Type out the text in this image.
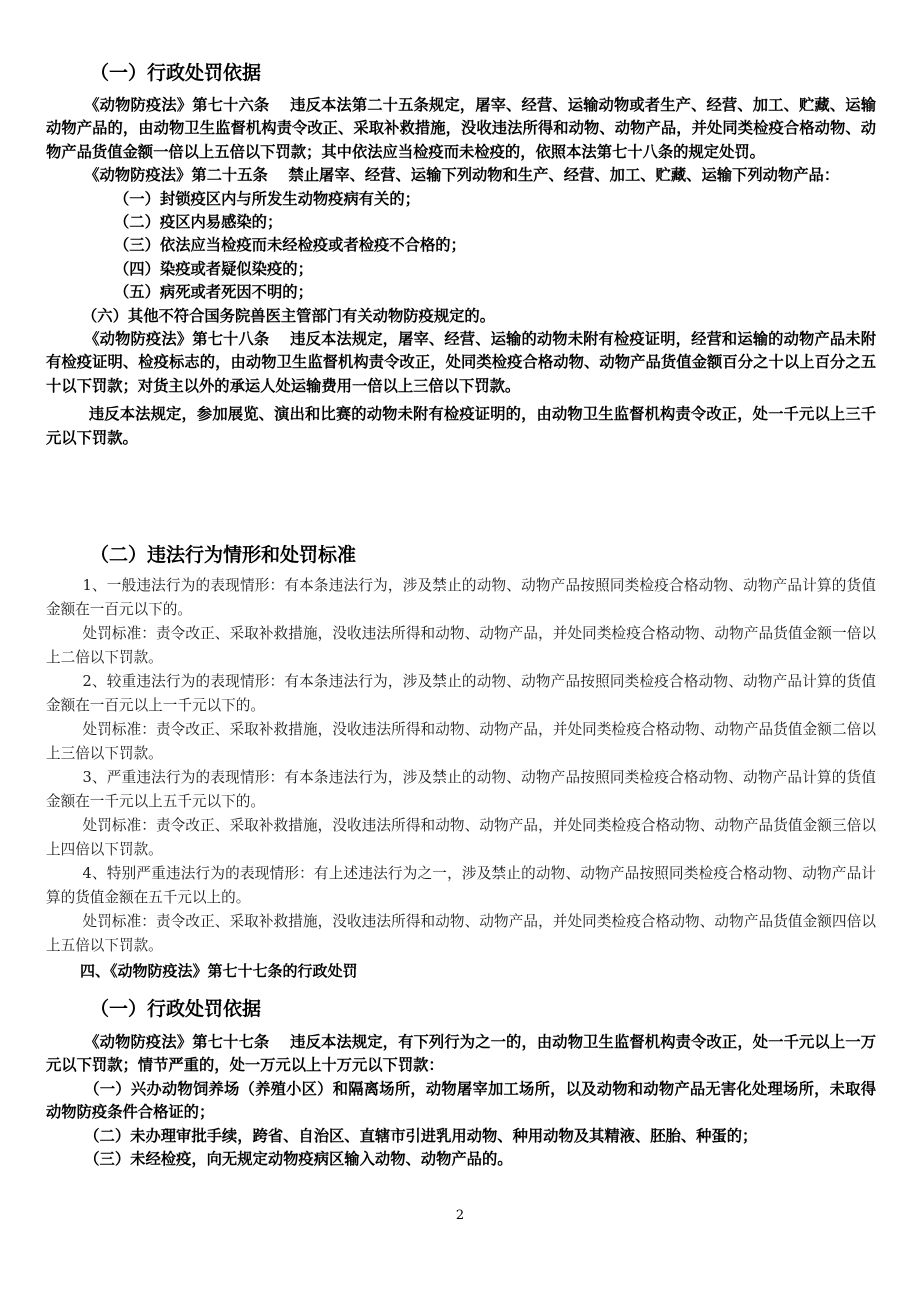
（一）行政处罚依据

《动物防疫法》第七十六条　 违反本法第二十五条规定，屠宰、经营、运输动物或者生产、经营、加工、贮藏、运输动物产品的，由动物卫生监督机构责令改正、采取补救措施，没收违法所得和动物、动物产品，并处同类检疫合格动物、动物产品货值金额一倍以上五倍以下罚款；其中依法应当检疫而未检疫的，依照本法第七十八条的规定处罚。

《动物防疫法》第二十五条　 禁止屠宰、经营、运输下列动物和生产、经营、加工、贮藏、运输下列动物产品：

（一）封锁疫区内与所发生动物疫病有关的；

（二）疫区内易感染的；

（三）依法应当检疫而未经检疫或者检疫不合格的；

（四）染疫或者疑似染疫的；

（五）病死或者死因不明的；

（六）其他不符合国务院兽医主管部门有关动物防疫规定的。

《动物防疫法》第七十八条　 违反本法规定，屠宰、经营、运输的动物未附有检疫证明，经营和运输的动物产品未附有检疫证明、检疫标志的，由动物卫生监督机构责令改正，处同类检疫合格动物、动物产品货值金额百分之十以上百分之五十以下罚款；对货主以外的承运人处运输费用一倍以上三倍以下罚款。

违反本法规定，参加展览、演出和比赛的动物未附有检疫证明的，由动物卫生监督机构责令改正，处一千元以上三千元以下罚款。

（二）违法行为情形和处罚标准

1、一般违法行为的表现情形：有本条违法行为，涉及禁止的动物、动物产品按照同类检疫合格动物、动物产品计算的货值金额在一百元以下的。

处罚标准：责令改正、采取补救措施，没收违法所得和动物、动物产品，并处同类检疫合格动物、动物产品货值金额一倍以上二倍以下罚款。

2、较重违法行为的表现情形：有本条违法行为，涉及禁止的动物、动物产品按照同类检疫合格动物、动物产品计算的货值金额在一百元以上一千元以下的。

处罚标准：责令改正、采取补救措施，没收违法所得和动物、动物产品，并处同类检疫合格动物、动物产品货值金额二倍以上三倍以下罚款。

3、严重违法行为的表现情形：有本条违法行为，涉及禁止的动物、动物产品按照同类检疫合格动物、动物产品计算的货值金额在一千元以上五千元以下的。

处罚标准：责令改正、采取补救措施，没收违法所得和动物、动物产品，并处同类检疫合格动物、动物产品货值金额三倍以上四倍以下罚款。

4、特别严重违法行为的表现情形：有上述违法行为之一，涉及禁止的动物、动物产品按照同类检疫合格动物、动物产品计算的货值金额在五千元以上的。

处罚标准：责令改正、采取补救措施，没收违法所得和动物、动物产品，并处同类检疫合格动物、动物产品货值金额四倍以上五倍以下罚款。

四、《动物防疫法》第七十七条的行政处罚
（一）行政处罚依据

《动物防疫法》第七十七条　 违反本法规定，有下列行为之一的，由动物卫生监督机构责令改正，处一千元以上一万元以下罚款；情节严重的，处一万元以上十万元以下罚款：

（一）兴办动物饲养场（养殖小区）和隔离场所，动物屠宰加工场所，以及动物和动物产品无害化处理场所，未取得动物防疫条件合格证的；

（二）未办理审批手续，跨省、自治区、直辖市引进乳用动物、种用动物及其精液、胚胎、种蛋的；

（三）未经检疫，向无规定动物疫病区输入动物、动物产品的。

2
